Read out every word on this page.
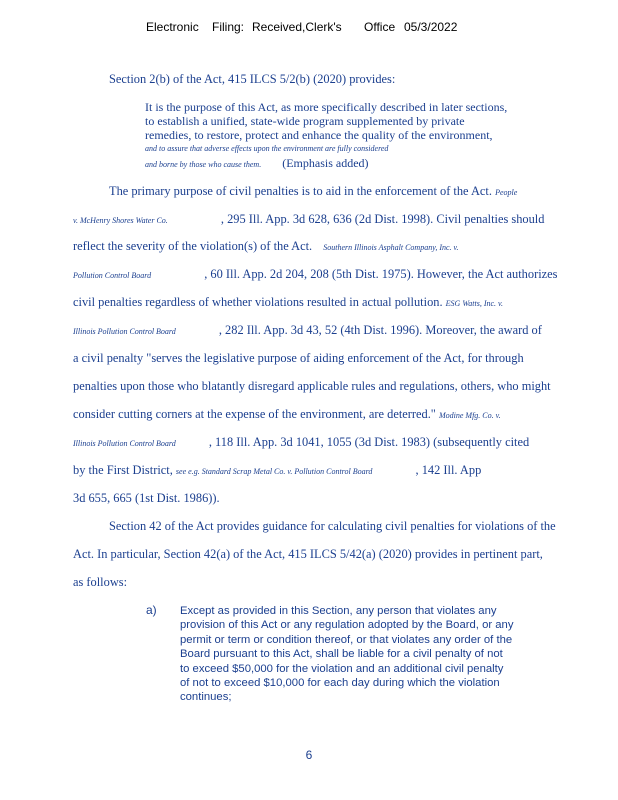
Electronic Filing: Received,Clerk's Office 05/3/2022
Section 2(b) of the Act, 415 ILCS 5/2(b) (2020) provides:
It is the purpose of this Act, as more specifically described in later sections,
to establish a unified, state-wide program supplemented by private
remedies, to restore, protect and enhance the quality of the environment,
and to assure that adverse effects upon the environment are fully considered
and borne by those who cause them. (Emphasis added)
The primary purpose of civil penalties is to aid in the enforcement of the Act. People
v. McHenry Shores Water Co.	, 295 Ill. App. 3d 628, 636 (2d Dist. 1998). Civil penalties should
reflect the severity of the violation(s) of the Act. Southern Illinois Asphalt Company, Inc. v.
Pollution Control Board	, 60 Ill. App. 2d 204, 208 (5th Dist. 1975). However, the Act authorizes
civil penalties regardless of whether violations resulted in actual pollution. ESG Watts, Inc. v.
Illinois Pollution Control Board	, 282 Ill. App. 3d 43, 52 (4th Dist. 1996). Moreover, the award of
a civil penalty "serves the legislative purpose of aiding enforcement of the Act, for through
penalties upon those who blatantly disregard applicable rules and regulations, others, who might
consider cutting corners at the expense of the environment, are deterred." Modine Mfg. Co. v.
Illinois Pollution Control Board	, 118 Ill. App. 3d 1041, 1055 (3d Dist. 1983) (subsequently cited
by the First District, see e.g. Standard Scrap Metal Co. v. Pollution Control Board	, 142 Ill. App
3d 655, 665 (1st Dist. 1986)).
Section 42 of the Act provides guidance for calculating civil penalties for violations of the
Act. In particular, Section 42(a) of the Act, 415 ILCS 5/42(a) (2020) provides in pertinent part,
as follows:
a) Except as provided in this Section, any person that violates any
provision of this Act or any regulation adopted by the Board, or any
permit or term or condition thereof, or that violates any order of the
Board pursuant to this Act, shall be liable for a civil penalty of not
to exceed $50,000 for the violation and an additional civil penalty
of not to exceed $10,000 for each day during which the violation
continues;
6
